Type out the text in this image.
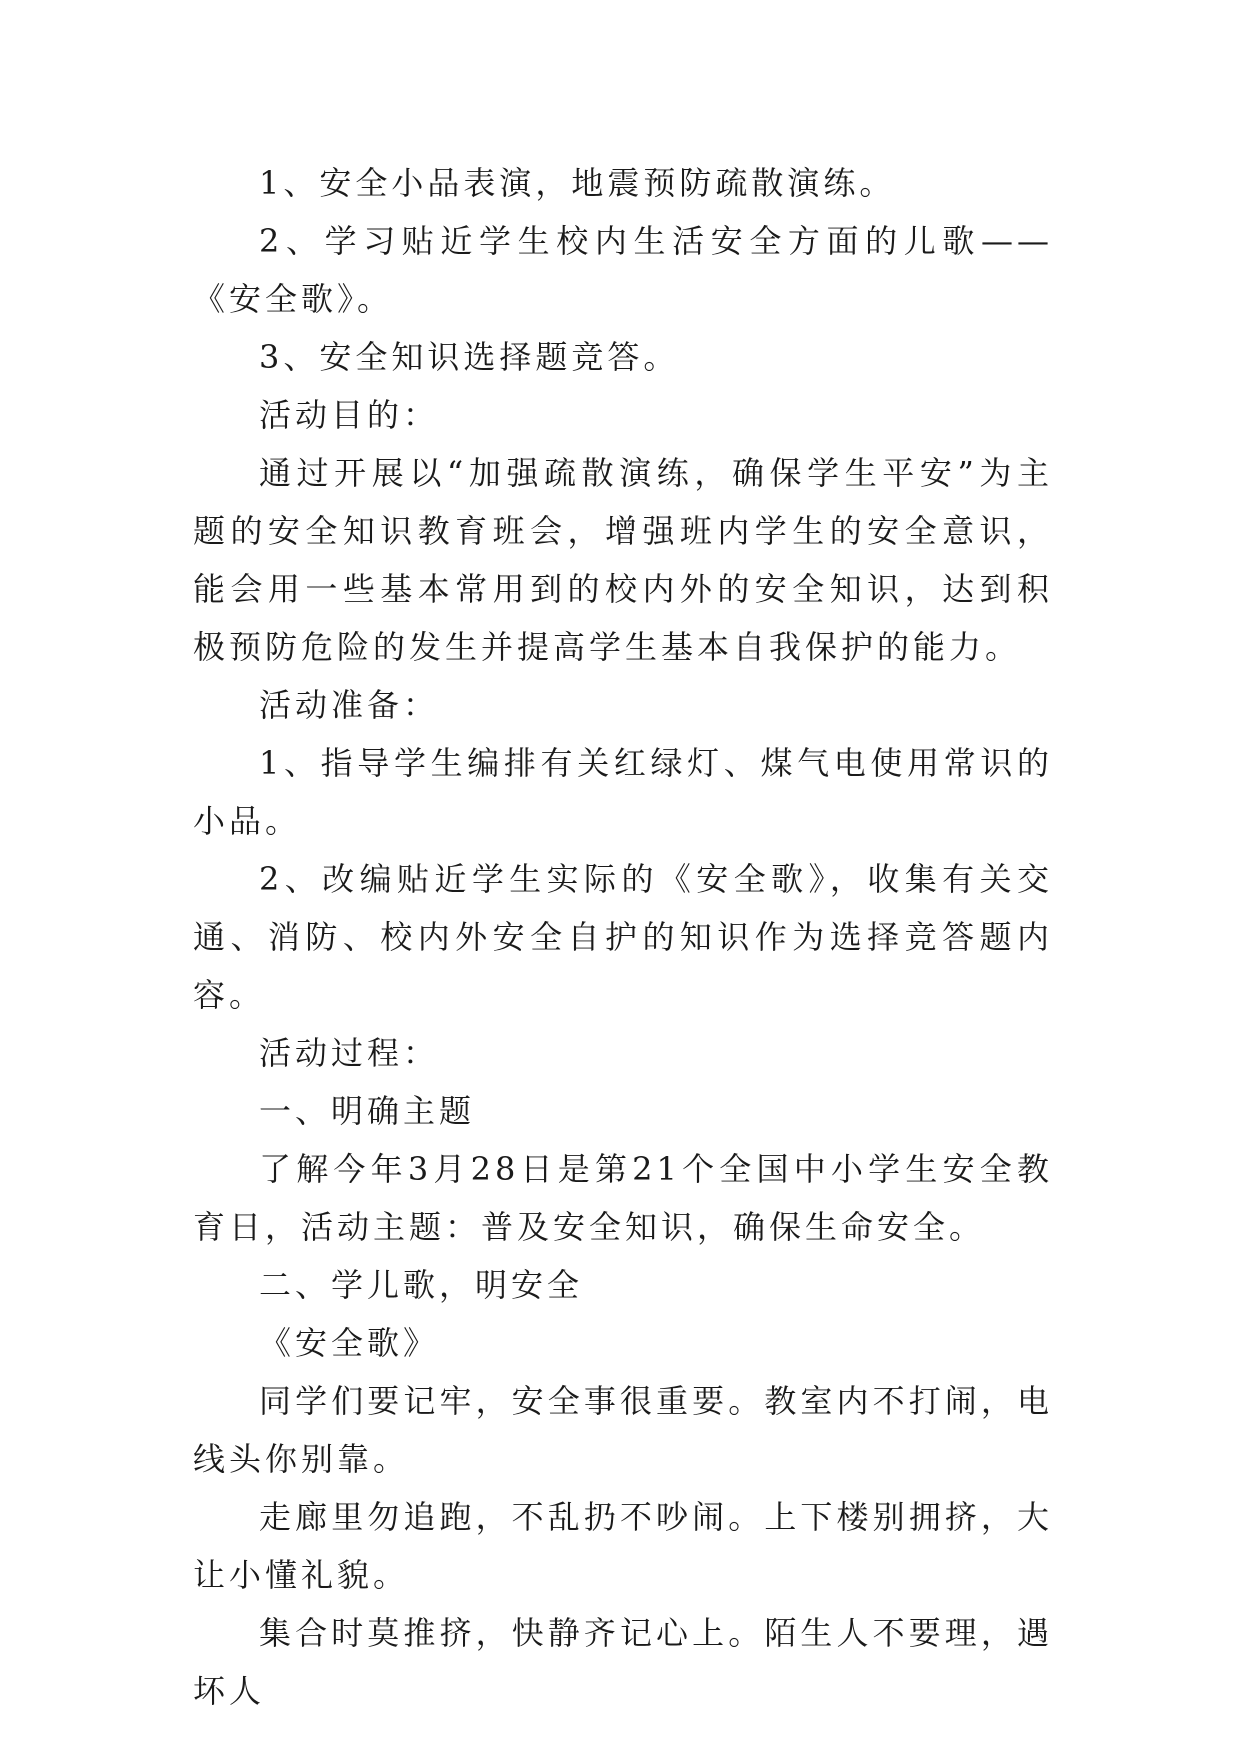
1、安全小品表演，地震预防疏散演练。

2、学习贴近学生校内生活安全方面的儿歌——《安全歌》。

3、安全知识选择题竞答。

活动目的：

通过开展以“加强疏散演练，确保学生平安”为主题的安全知识教育班会，增强班内学生的安全意识，能会用一些基本常用到的校内外的安全知识，达到积极预防危险的发生并提高学生基本自我保护的能力。

活动准备：

1、指导学生编排有关红绿灯、煤气电使用常识的小品。

2、改编贴近学生实际的《安全歌》，收集有关交通、消防、校内外安全自护的知识作为选择竞答题内容。

活动过程：

一、明确主题

了解今年3月28日是第21个全国中小学生安全教育日，活动主题：普及安全知识，确保生命安全。

二、学儿歌，明安全

《安全歌》

同学们要记牢，安全事很重要。教室内不打闹，电线头你别靠。

走廊里勿追跑，不乱扔不吵闹。上下楼别拥挤，大让小懂礼貌。

集合时莫推挤，快静齐记心上。陌生人不要理，遇坏人
